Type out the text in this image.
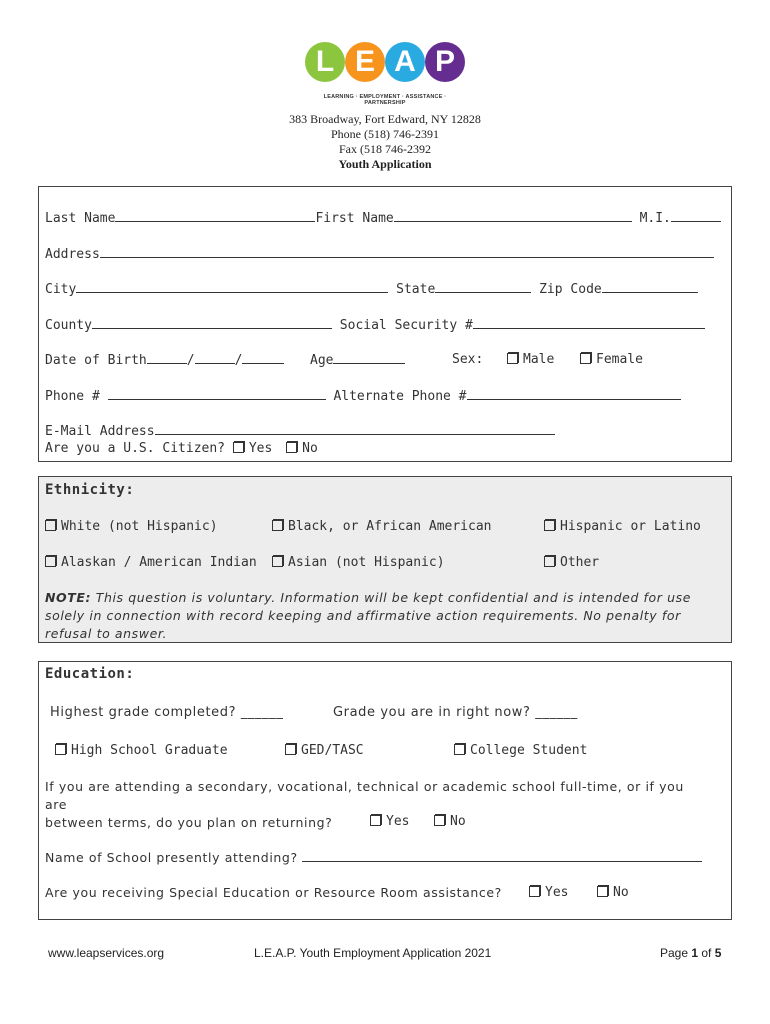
L E A P
LEARNING · EMPLOYMENT · ASSISTANCE · PARTNERSHIP
383 Broadway, Fort Edward, NY 12828
Phone (518) 746-2391
Fax (518 746-2392
Youth Application
Last Name	First Name	M.I.
Address
City	State	Zip Code
County	Social Security #
Date of Birth	/	/	Age	Sex:	Male	Female
Phone #	Alternate Phone #
E-Mail Address
Are you a U.S. Citizen? Yes No
Ethnicity:
White (not Hispanic)	Black, or African American	Hispanic or Latino
Alaskan / American Indian	Asian (not Hispanic)	Other
NOTE: This question is voluntary. Information will be kept confidential and is intended for use
solely in connection with record keeping and affirmative action requirements. No penalty for
refusal to answer.
Education:
Highest grade completed? ______	Grade you are in right now? ______
High School Graduate	GED/TASC	College Student
If you are attending a secondary, vocational, technical or academic school full-time, or if you
are
between terms, do you plan on returning?	Yes	No
Name of School presently attending?
Are you receiving Special Education or Resource Room assistance?	Yes	No
www.leapservices.org	L.E.A.P. Youth Employment Application 2021	Page 1 of 5
